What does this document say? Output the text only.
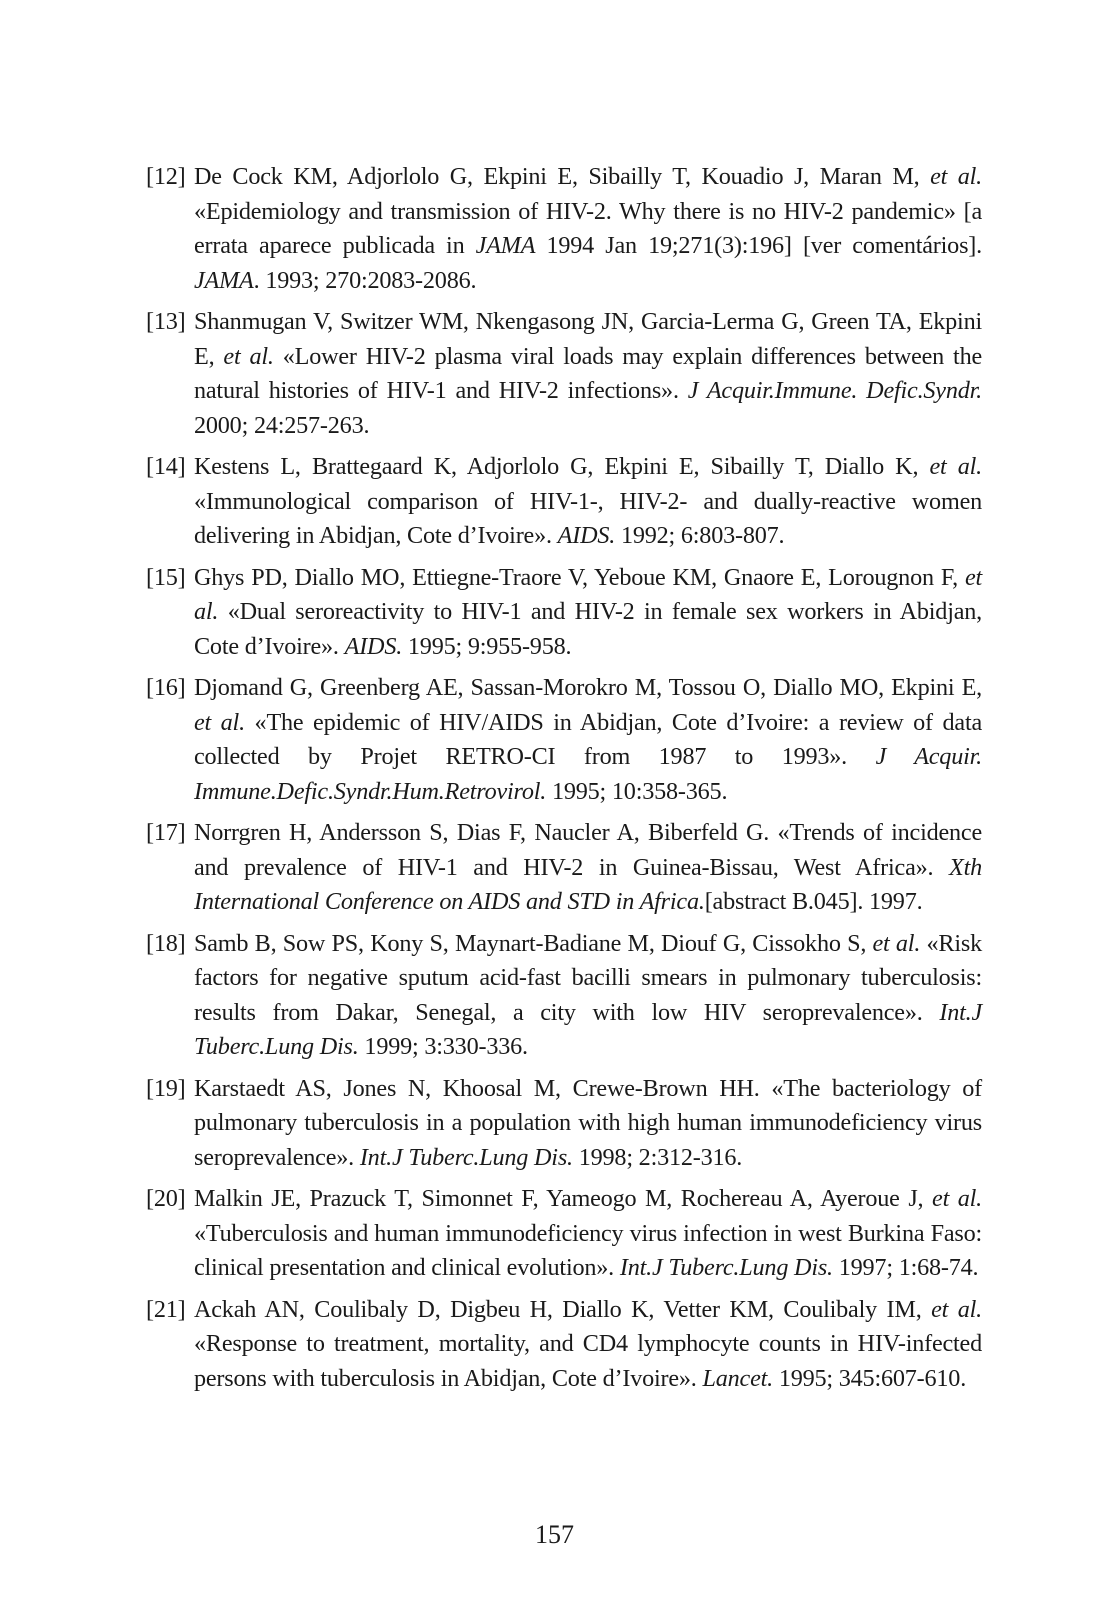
[12] De Cock KM, Adjorlolo G, Ekpini E, Sibailly T, Kouadio J, Maran M, et al. «Epidemiology and transmission of HIV-2. Why there is no HIV-2 pandemic» [a errata aparece publicada in JAMA 1994 Jan 19;271(3):196] [ver comentários]. JAMA. 1993; 270:2083-2086.
[13] Shanmugan V, Switzer WM, Nkengasong JN, Garcia-Lerma G, Green TA, Ekpini E, et al. «Lower HIV-2 plasma viral loads may explain differences between the natural histories of HIV-1 and HIV-2 infections». J Acquir.Immune. Defic.Syndr. 2000; 24:257-263.
[14] Kestens L, Brattegaard K, Adjorlolo G, Ekpini E, Sibailly T, Diallo K, et al. «Immunological comparison of HIV-1-, HIV-2- and dually-reactive women delivering in Abidjan, Cote d’Ivoire». AIDS. 1992; 6:803-807.
[15] Ghys PD, Diallo MO, Ettiegne-Traore V, Yeboue KM, Gnaore E, Lorougnon F, et al. «Dual seroreactivity to HIV-1 and HIV-2 in female sex workers in Abidjan, Cote d’Ivoire». AIDS. 1995; 9:955-958.
[16] Djomand G, Greenberg AE, Sassan-Morokro M, Tossou O, Diallo MO, Ekpini E, et al. «The epidemic of HIV/AIDS in Abidjan, Cote d’Ivoire: a review of data collected by Projet RETRO-CI from 1987 to 1993». J Acquir. Immune.Defic.Syndr.Hum.Retrovirol. 1995; 10:358-365.
[17] Norrgren H, Andersson S, Dias F, Naucler A, Biberfeld G. «Trends of incidence and prevalence of HIV-1 and HIV-2 in Guinea-Bissau, West Africa». Xth International Conference on AIDS and STD in Africa.[abstract B.045]. 1997.
[18] Samb B, Sow PS, Kony S, Maynart-Badiane M, Diouf G, Cissokho S, et al. «Risk factors for negative sputum acid-fast bacilli smears in pulmonary tuberculosis: results from Dakar, Senegal, a city with low HIV seroprevalence». Int.J Tuberc.Lung Dis. 1999; 3:330-336.
[19] Karstaedt AS, Jones N, Khoosal M, Crewe-Brown HH. «The bacteriology of pulmonary tuberculosis in a population with high human immunodeficiency virus seroprevalence». Int.J Tuberc.Lung Dis. 1998; 2:312-316.
[20] Malkin JE, Prazuck T, Simonnet F, Yameogo M, Rochereau A, Ayeroue J, et al. «Tuberculosis and human immunodeficiency virus infection in west Burkina Faso: clinical presentation and clinical evolution». Int.J Tuberc.Lung Dis. 1997; 1:68-74.
[21] Ackah AN, Coulibaly D, Digbeu H, Diallo K, Vetter KM, Coulibaly IM, et al. «Response to treatment, mortality, and CD4 lymphocyte counts in HIV-infected persons with tuberculosis in Abidjan, Cote d’Ivoire». Lancet. 1995; 345:607-610.
157
